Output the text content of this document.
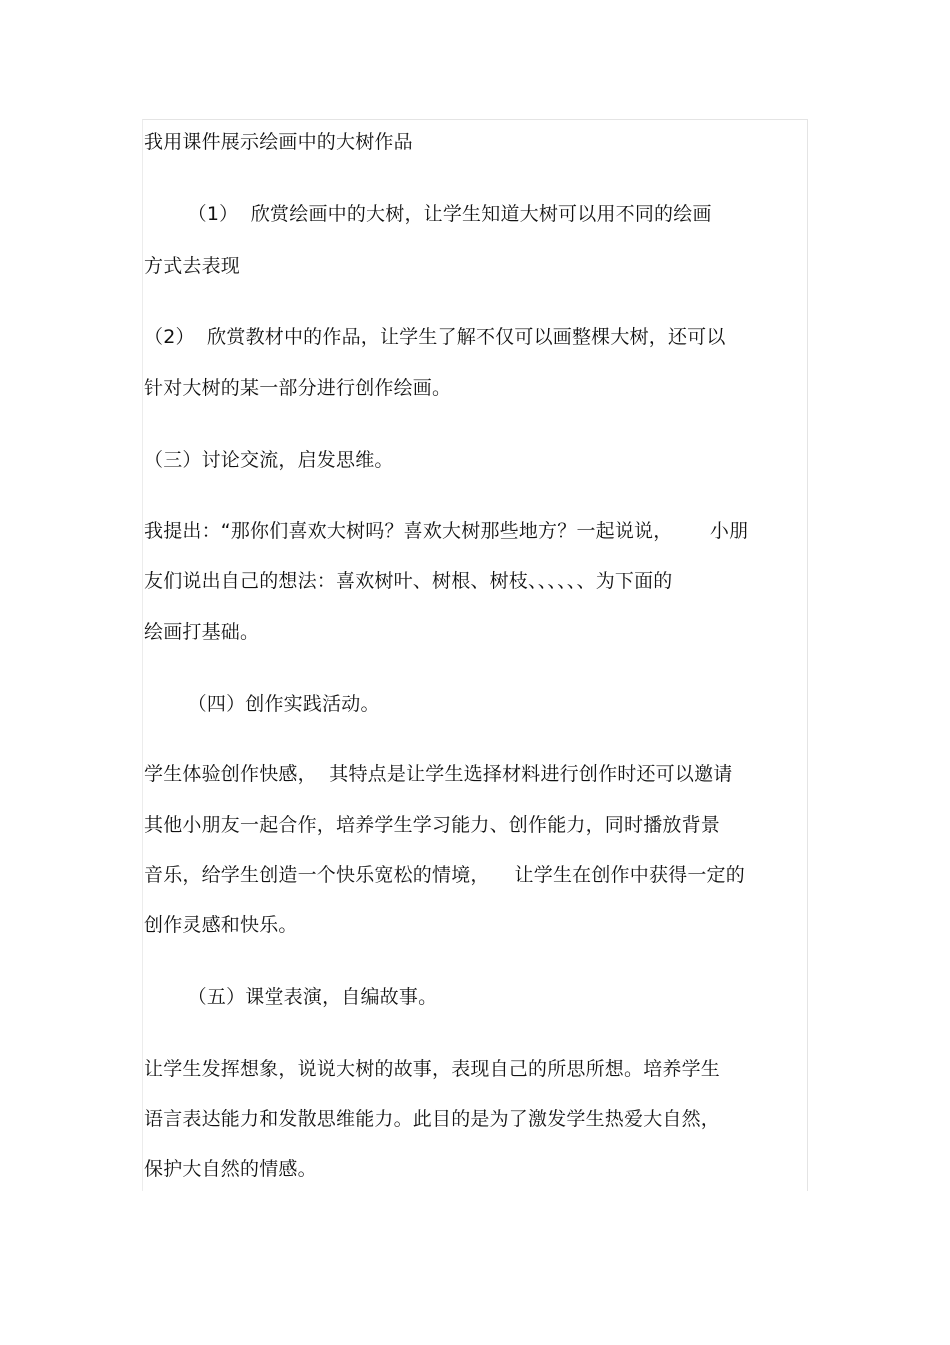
我用课件展示绘画中的大树作品
（1）  欣赏绘画中的大树，让学生知道大树可以用不同的绘画
方式去表现
（2）  欣赏教材中的作品，让学生了解不仅可以画整棵大树，还可以
针对大树的某一部分进行创作绘画。
（三）讨论交流，启发思维。
我提出：“那你们喜欢大树吗？喜欢大树那些地方？一起说说，      小朋
友们说出自己的想法：喜欢树叶、树根、树枝、、、、、、为下面的
绘画打基础。
（四）创作实践活动。
学生体验创作快感，  其特点是让学生选择材料进行创作时还可以邀请
其他小朋友一起合作，培养学生学习能力、创作能力，同时播放背景
音乐，给学生创造一个快乐宽松的情境，    让学生在创作中获得一定的
创作灵感和快乐。
（五）课堂表演，自编故事。
让学生发挥想象，说说大树的故事，表现自己的所思所想。培养学生
语言表达能力和发散思维能力。此目的是为了激发学生热爱大自然，
保护大自然的情感。
